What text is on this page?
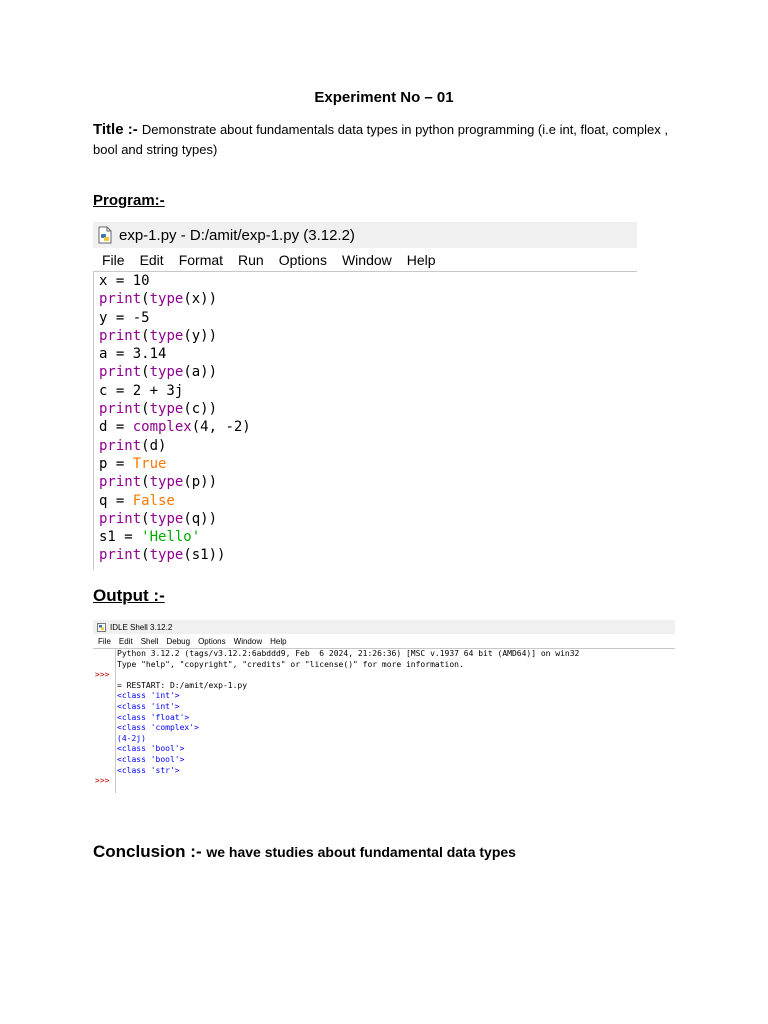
Experiment No – 01
Title :- Demonstrate about fundamentals data types in python programming (i.e int, float, complex , bool and string types)
Program:-
exp-1.py - D:/amit/exp-1.py (3.12.2)
File Edit Format Run Options Window Help
x = 10
print(type(x))
y = -5
print(type(y))
a = 3.14
print(type(a))
c = 2 + 3j
print(type(c))
d = complex(4, -2)
print(d)
p = True
print(type(p))
q = False
print(type(q))
s1 = 'Hello'
print(type(s1))
Output :-
IDLE Shell 3.12.2
File Edit Shell Debug Options Window Help
>>>
>>>
Python 3.12.2 (tags/v3.12.2:6abddd9, Feb  6 2024, 21:26:36) [MSC v.1937 64 bit (AMD64)] on win32
Type "help", "copyright", "credits" or "license()" for more information.
= RESTART: D:/amit/exp-1.py
<class 'int'>
<class 'int'>
<class 'float'>
<class 'complex'>
(4-2j)
<class 'bool'>
<class 'bool'>
<class 'str'>
Conclusion :- we have studies about fundamental data types
